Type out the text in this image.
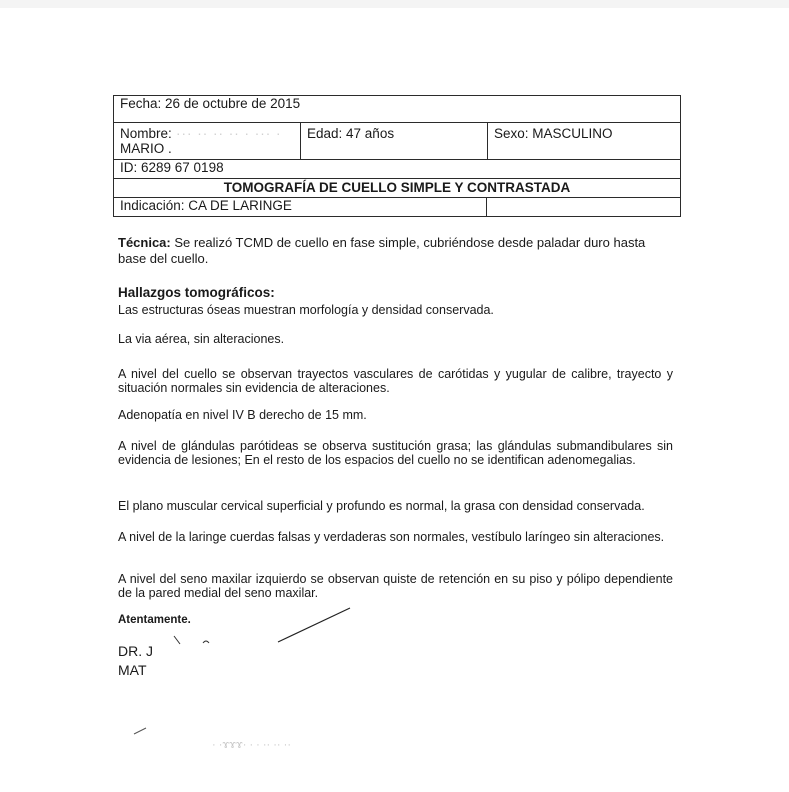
Fecha: 26 de octubre de 2015
Nombre: ··· ·· ·· ·· · ··· ·
MARIO .
Edad: 47 años	Sexo: MASCULINO
ID: 6289 67 0198
TOMOGRAFÍA DE CUELLO SIMPLE Y CONTRASTADA
Indicación: CA DE LARINGE
Técnica: Se realizó TCMD de cuello en fase simple, cubriéndose desde paladar duro hasta base del cuello.
Hallazgos tomográficos:
Las estructuras óseas muestran morfología y densidad conservada.
La via aérea, sin alteraciones.
A nivel del cuello se observan trayectos vasculares de carótidas y yugular de calibre, trayecto y situación normales sin evidencia de alteraciones.
Adenopatía en nivel IV B derecho de 15 mm.
A nivel de glándulas parótideas se observa sustitución grasa; las glándulas submandibulares sin evidencia de lesiones; En el resto de los espacios del cuello no se identifican adenomegalias.
El plano muscular cervical superficial y profundo es normal, la grasa con densidad conservada.
A nivel de la laringe cuerdas falsas y verdaderas son normales, vestíbulo laríngeo sin alteraciones.
A nivel del seno maxilar izquierdo se observan quiste de retención en su piso y pólipo dependiente de la pared medial del seno maxilar.
Atentamente.
DR. J
MAT
· ·ɤɤɤ· · · ·· ·· ··
